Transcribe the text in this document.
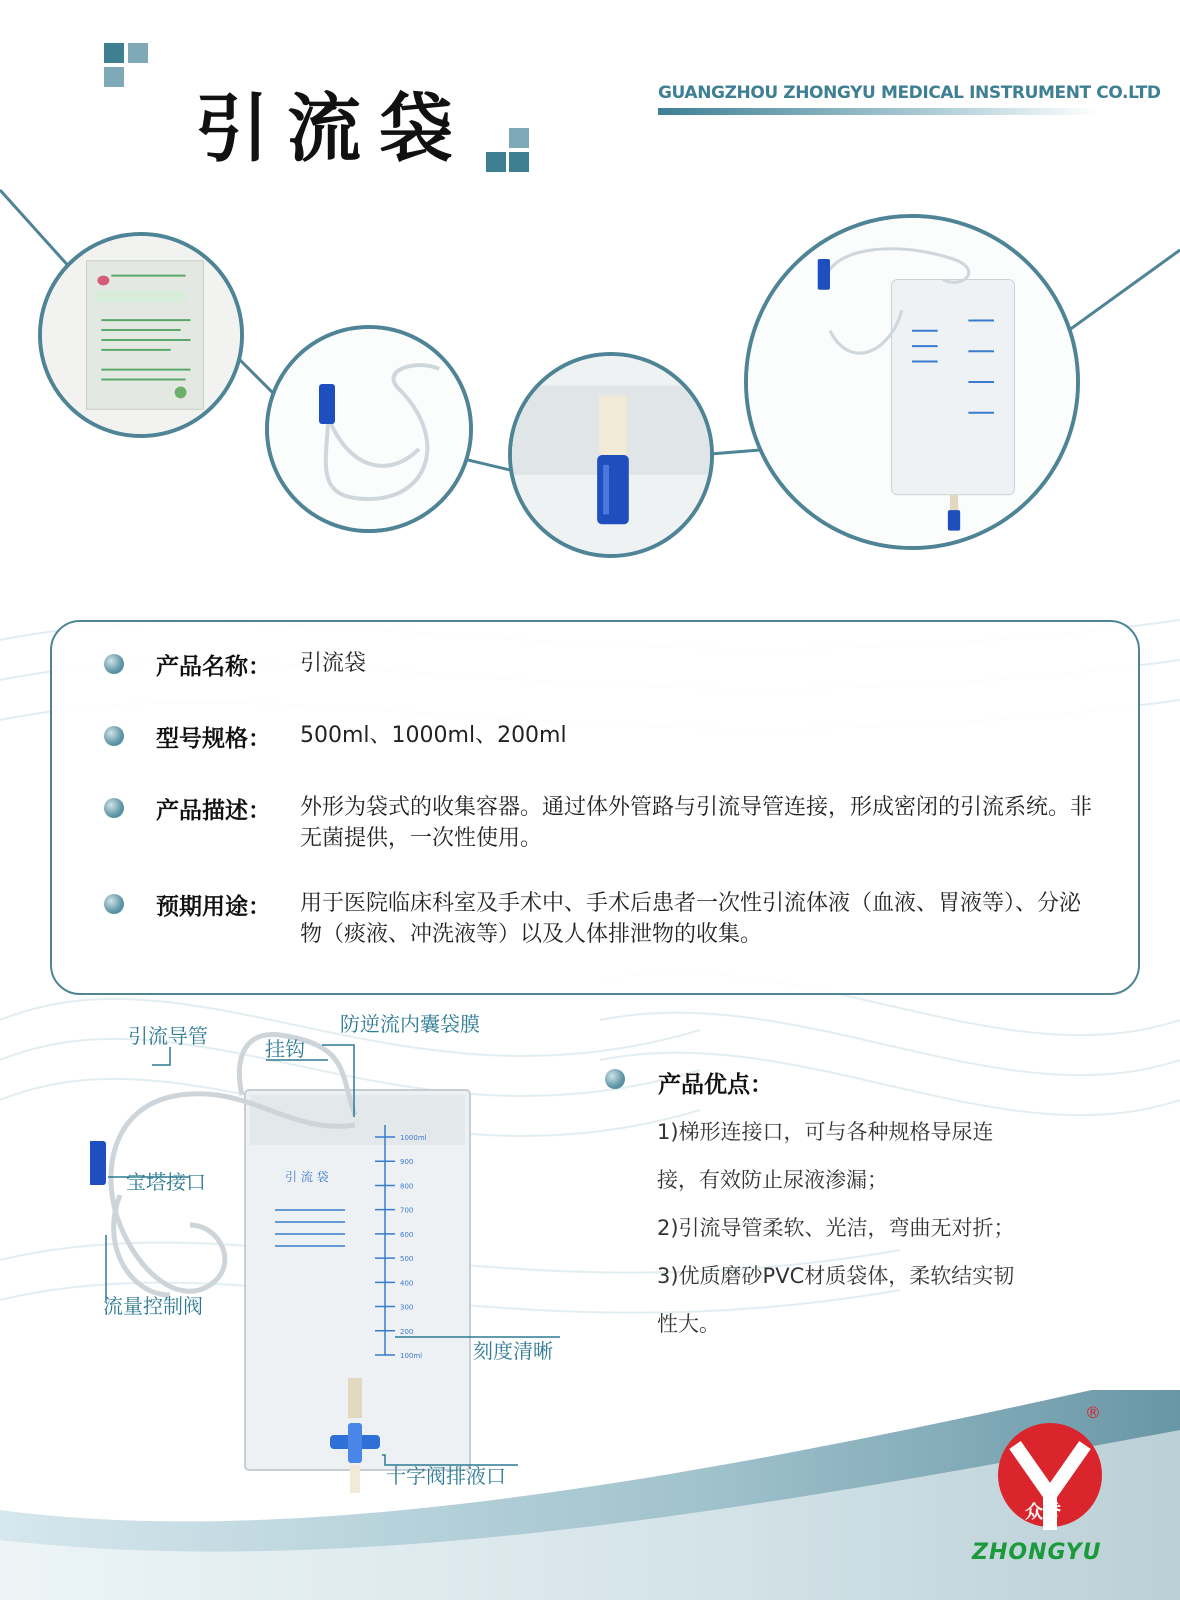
引流袋	GUANGZHOU ZHONGYU MEDICAL INSTRUMENT CO.LTD
产品名称： 引流袋
型号规格： 500ml、1000ml、200ml
产品描述： 外形为袋式的收集容器。通过体外管路与引流导管连接，形成密闭的引流系统。非无菌提供，一次性使用。
预期用途： 用于医院临床科室及手术中、手术后患者一次性引流体液（血液、胃液等）、分泌物（痰液、冲洗液等）以及人体排泄物的收集。
引 流 袋
1000ml
900
800
700
600
500
400
300
200
100ml
引流导管
挂钩
防逆流内囊袋膜
宝塔接口
流量控制阀
刻度清晰
十字阀排液口
产品优点：
1)梯形连接口，可与各种规格导尿连
接，有效防止尿液渗漏；
2)引流导管柔软、光洁，弯曲无对折；
3)优质磨砂PVC材质袋体，柔软结实韧
性大。
众誉
®
ZHONGYU
